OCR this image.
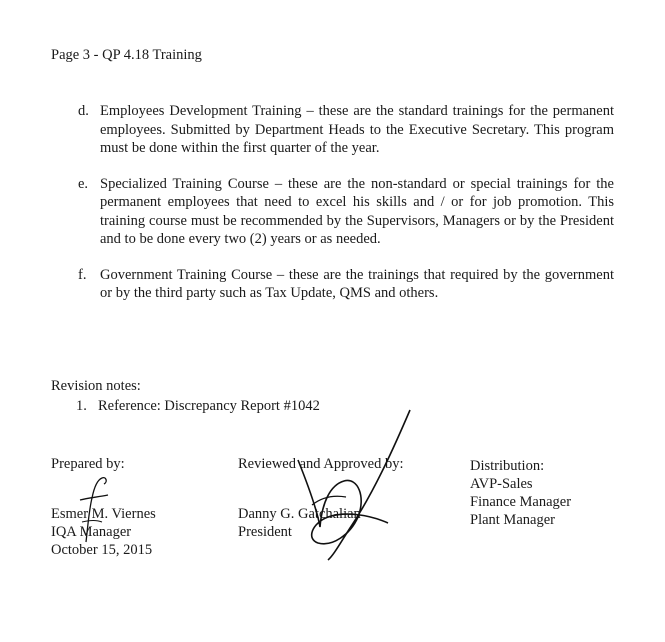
Page 3 - QP 4.18 Training
d. Employees Development Training – these are the standard trainings for the permanent employees. Submitted by Department Heads to the Executive Secretary. This program must be done within the first quarter of the year.
e. Specialized Training Course – these are the non-standard or special trainings for the permanent employees that need to excel his skills and / or for job promotion. This training course must be recommended by the Supervisors, Managers or by the President and to be done every two (2) years or as needed.
f. Government Training Course – these are the trainings that required by the government or by the third party such as Tax Update, QMS and others.
Revision notes:
1. Reference: Discrepancy Report #1042
Prepared by:
Esmer M. Viernes
IQA Manager
October 15, 2015
Reviewed and Approved by:
Danny G. Gatchalian
President
Distribution:
AVP-Sales
Finance Manager
Plant Manager
